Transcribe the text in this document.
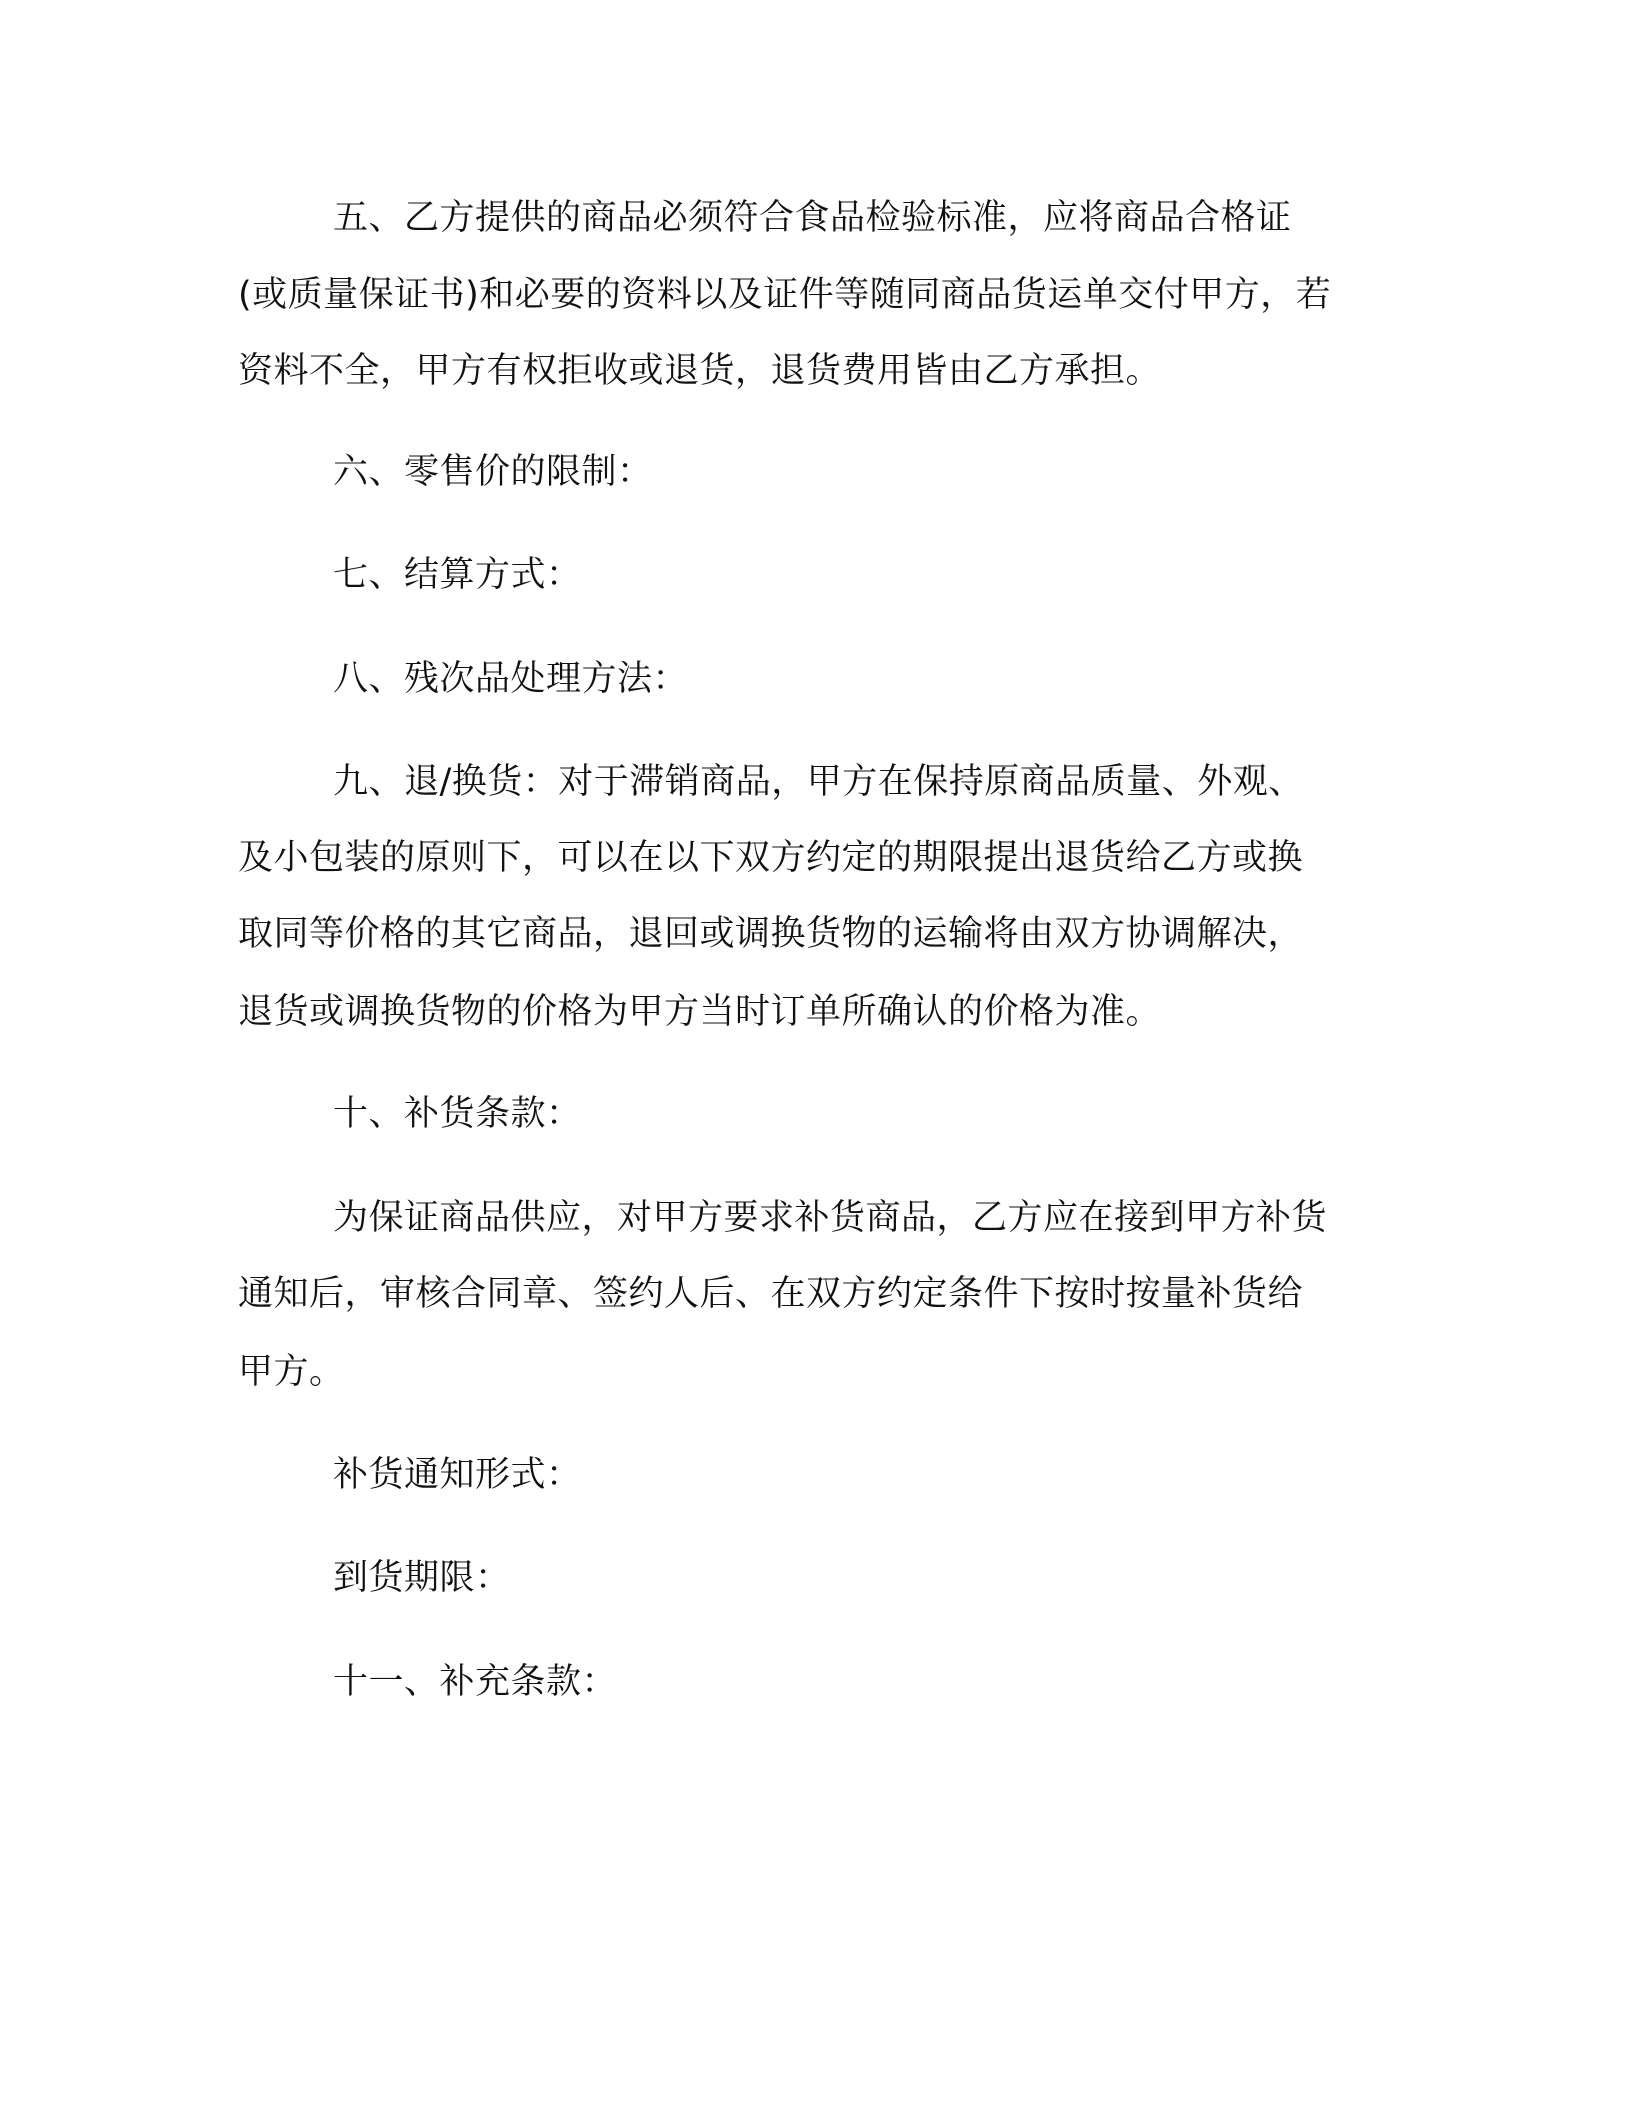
五、乙方提供的商品必须符合食品检验标准，应将商品合格证
(或质量保证书)和必要的资料以及证件等随同商品货运单交付甲方，若
资料不全，甲方有权拒收或退货，退货费用皆由乙方承担。
六、零售价的限制：
七、结算方式：
八、残次品处理方法：
九、退/换货：对于滞销商品，甲方在保持原商品质量、外观、
及小包装的原则下，可以在以下双方约定的期限提出退货给乙方或换
取同等价格的其它商品，退回或调换货物的运输将由双方协调解决，
退货或调换货物的价格为甲方当时订单所确认的价格为准。
十、补货条款：
为保证商品供应，对甲方要求补货商品，乙方应在接到甲方补货
通知后，审核合同章、签约人后、在双方约定条件下按时按量补货给
甲方。
补货通知形式：
到货期限：
十一、补充条款：
